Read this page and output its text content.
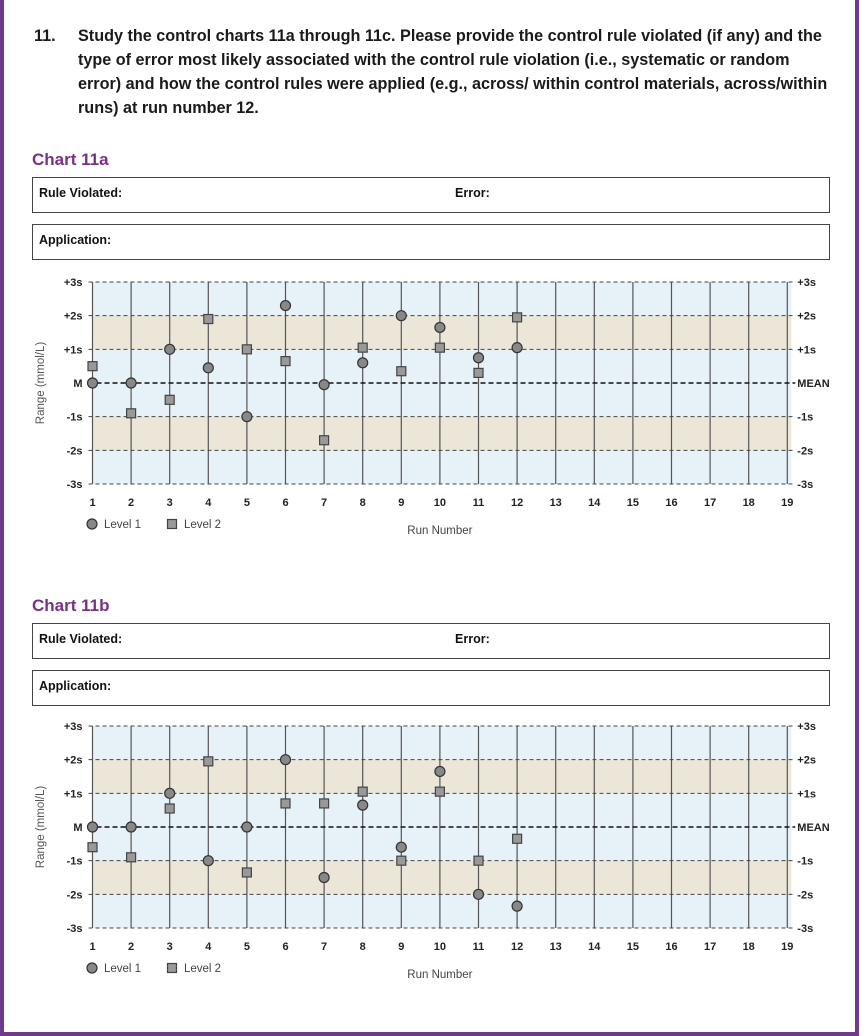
11. Study the control charts 11a through 11c. Please provide the control rule violated (if any) and the type of error most likely associated with the control rule violation (i.e., systematic or random error) and how the control rules were applied (e.g., across/ within control materials, across/within runs) at run number 12.
Chart 11a
Rule Violated:	Error:
Application:
+3s	+3s
+2s	+2s
+1s	+1s
M	MEAN
-1s	-1s
-2s	-2s
-3s	-3s
Range (mmol/L)
1	2	3	4	5	6	7	8	9	10 11 12 13 14 15 16 17 18 19
Run Number
Level 1	Level 2
Chart 11b
Rule Violated:	Error:
Application:
+3s	+3s
+2s	+2s
+1s	+1s
M	MEAN
-1s	-1s
-2s	-2s
-3s	-3s
Range (mmol/L)
1	2	3	4	5	6	7	8	9	10 11 12 13 14 15 16 17 18 19
Run Number
Level 1	Level 2
